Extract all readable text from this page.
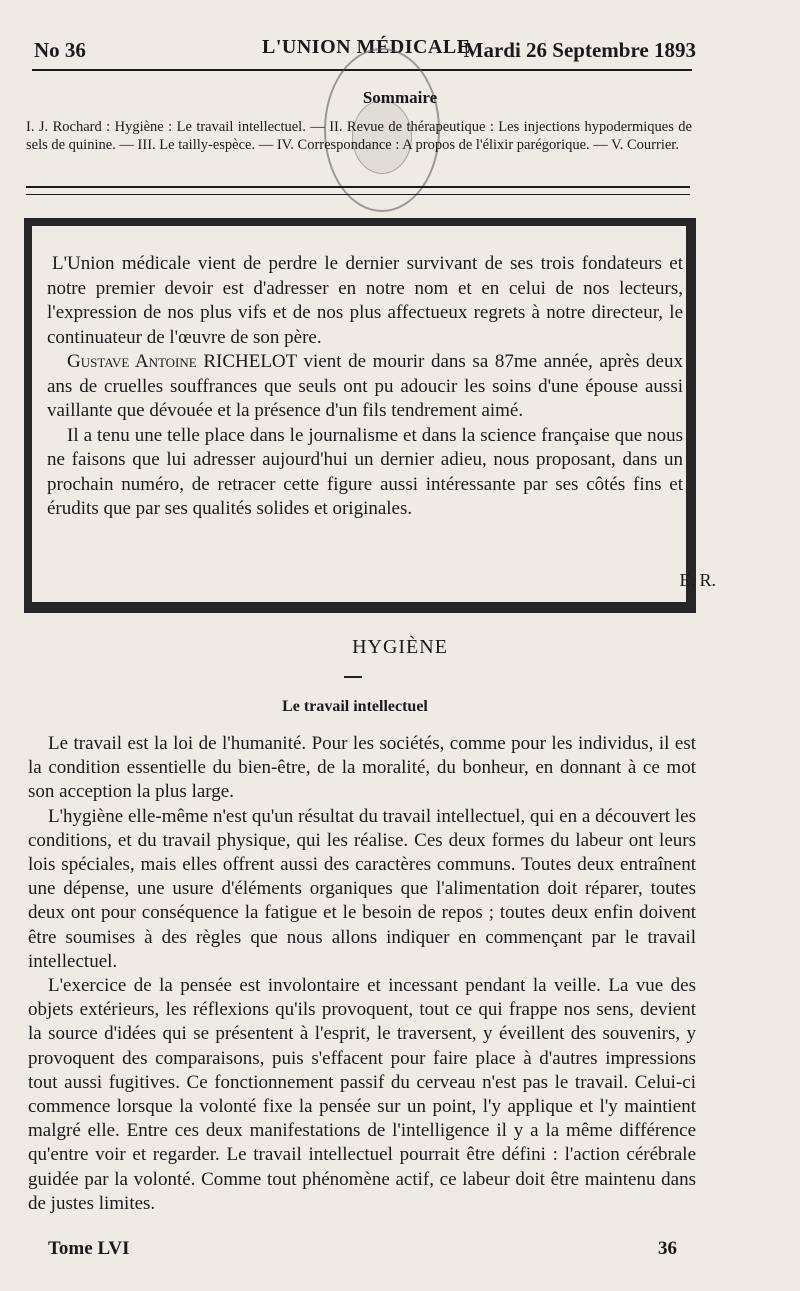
No 36	L'UNION MÉDICALE
Mardi 26 Septembre 1893
Sommaire
I. J. Rochard : Hygiène : Le travail intellectuel. — II. Revue de thérapeutique : Les injections hypodermiques de sels de quinine. — III. Le tailly-espèce. — IV. Correspondance : A propos de l'élixir parégorique. — V. Courrier.

L'Union médicale vient de perdre le dernier survivant de ses trois fondateurs et notre premier devoir est d'adresser en notre nom et en celui de nos lecteurs, l'expression de nos plus vifs et de nos plus affectueux regrets à notre directeur, le continuateur de l'œuvre de son père.

Gustave Antoine RICHELOT vient de mourir dans sa 87me année, après deux ans de cruelles souffrances que seuls ont pu adoucir les soins d'une épouse aussi vaillante que dévouée et la présence d'un fils tendrement aimé.

Il a tenu une telle place dans le journalisme et dans la science française que nous ne faisons que lui adresser aujourd'hui un dernier adieu, nous proposant, dans un prochain numéro, de retracer cette figure aussi intéressante par ses côtés fins et érudits que par ses qualités solides et originales.

E. R.
HYGIÈNE
Le travail intellectuel

Le travail est la loi de l'humanité. Pour les sociétés, comme pour les individus, il est la condition essentielle du bien-être, de la moralité, du bonheur, en donnant à ce mot son acception la plus large.

L'hygiène elle-même n'est qu'un résultat du travail intellectuel, qui en a découvert les conditions, et du travail physique, qui les réalise. Ces deux formes du labeur ont leurs lois spéciales, mais elles offrent aussi des caractères communs. Toutes deux entraînent une dépense, une usure d'éléments organiques que l'alimentation doit réparer, toutes deux ont pour conséquence la fatigue et le besoin de repos ; toutes deux enfin doivent être soumises à des règles que nous allons indiquer en commençant par le travail intellectuel.

L'exercice de la pensée est involontaire et incessant pendant la veille. La vue des objets extérieurs, les réflexions qu'ils provoquent, tout ce qui frappe nos sens, devient la source d'idées qui se présentent à l'esprit, le traversent, y éveillent des souvenirs, y provoquent des comparaisons, puis s'effacent pour faire place à d'autres impressions tout aussi fugitives. Ce fonctionnement passif du cerveau n'est pas le travail. Celui-ci commence lorsque la volonté fixe la pensée sur un point, l'y applique et l'y maintient malgré elle. Entre ces deux manifestations de l'intelligence il y a la même différence qu'entre voir et regarder. Le travail intellectuel pourrait être défini : l'action cérébrale guidée par la volonté. Comme tout phénomène actif, ce labeur doit être maintenu dans de justes limites.

Tome LVI	36
